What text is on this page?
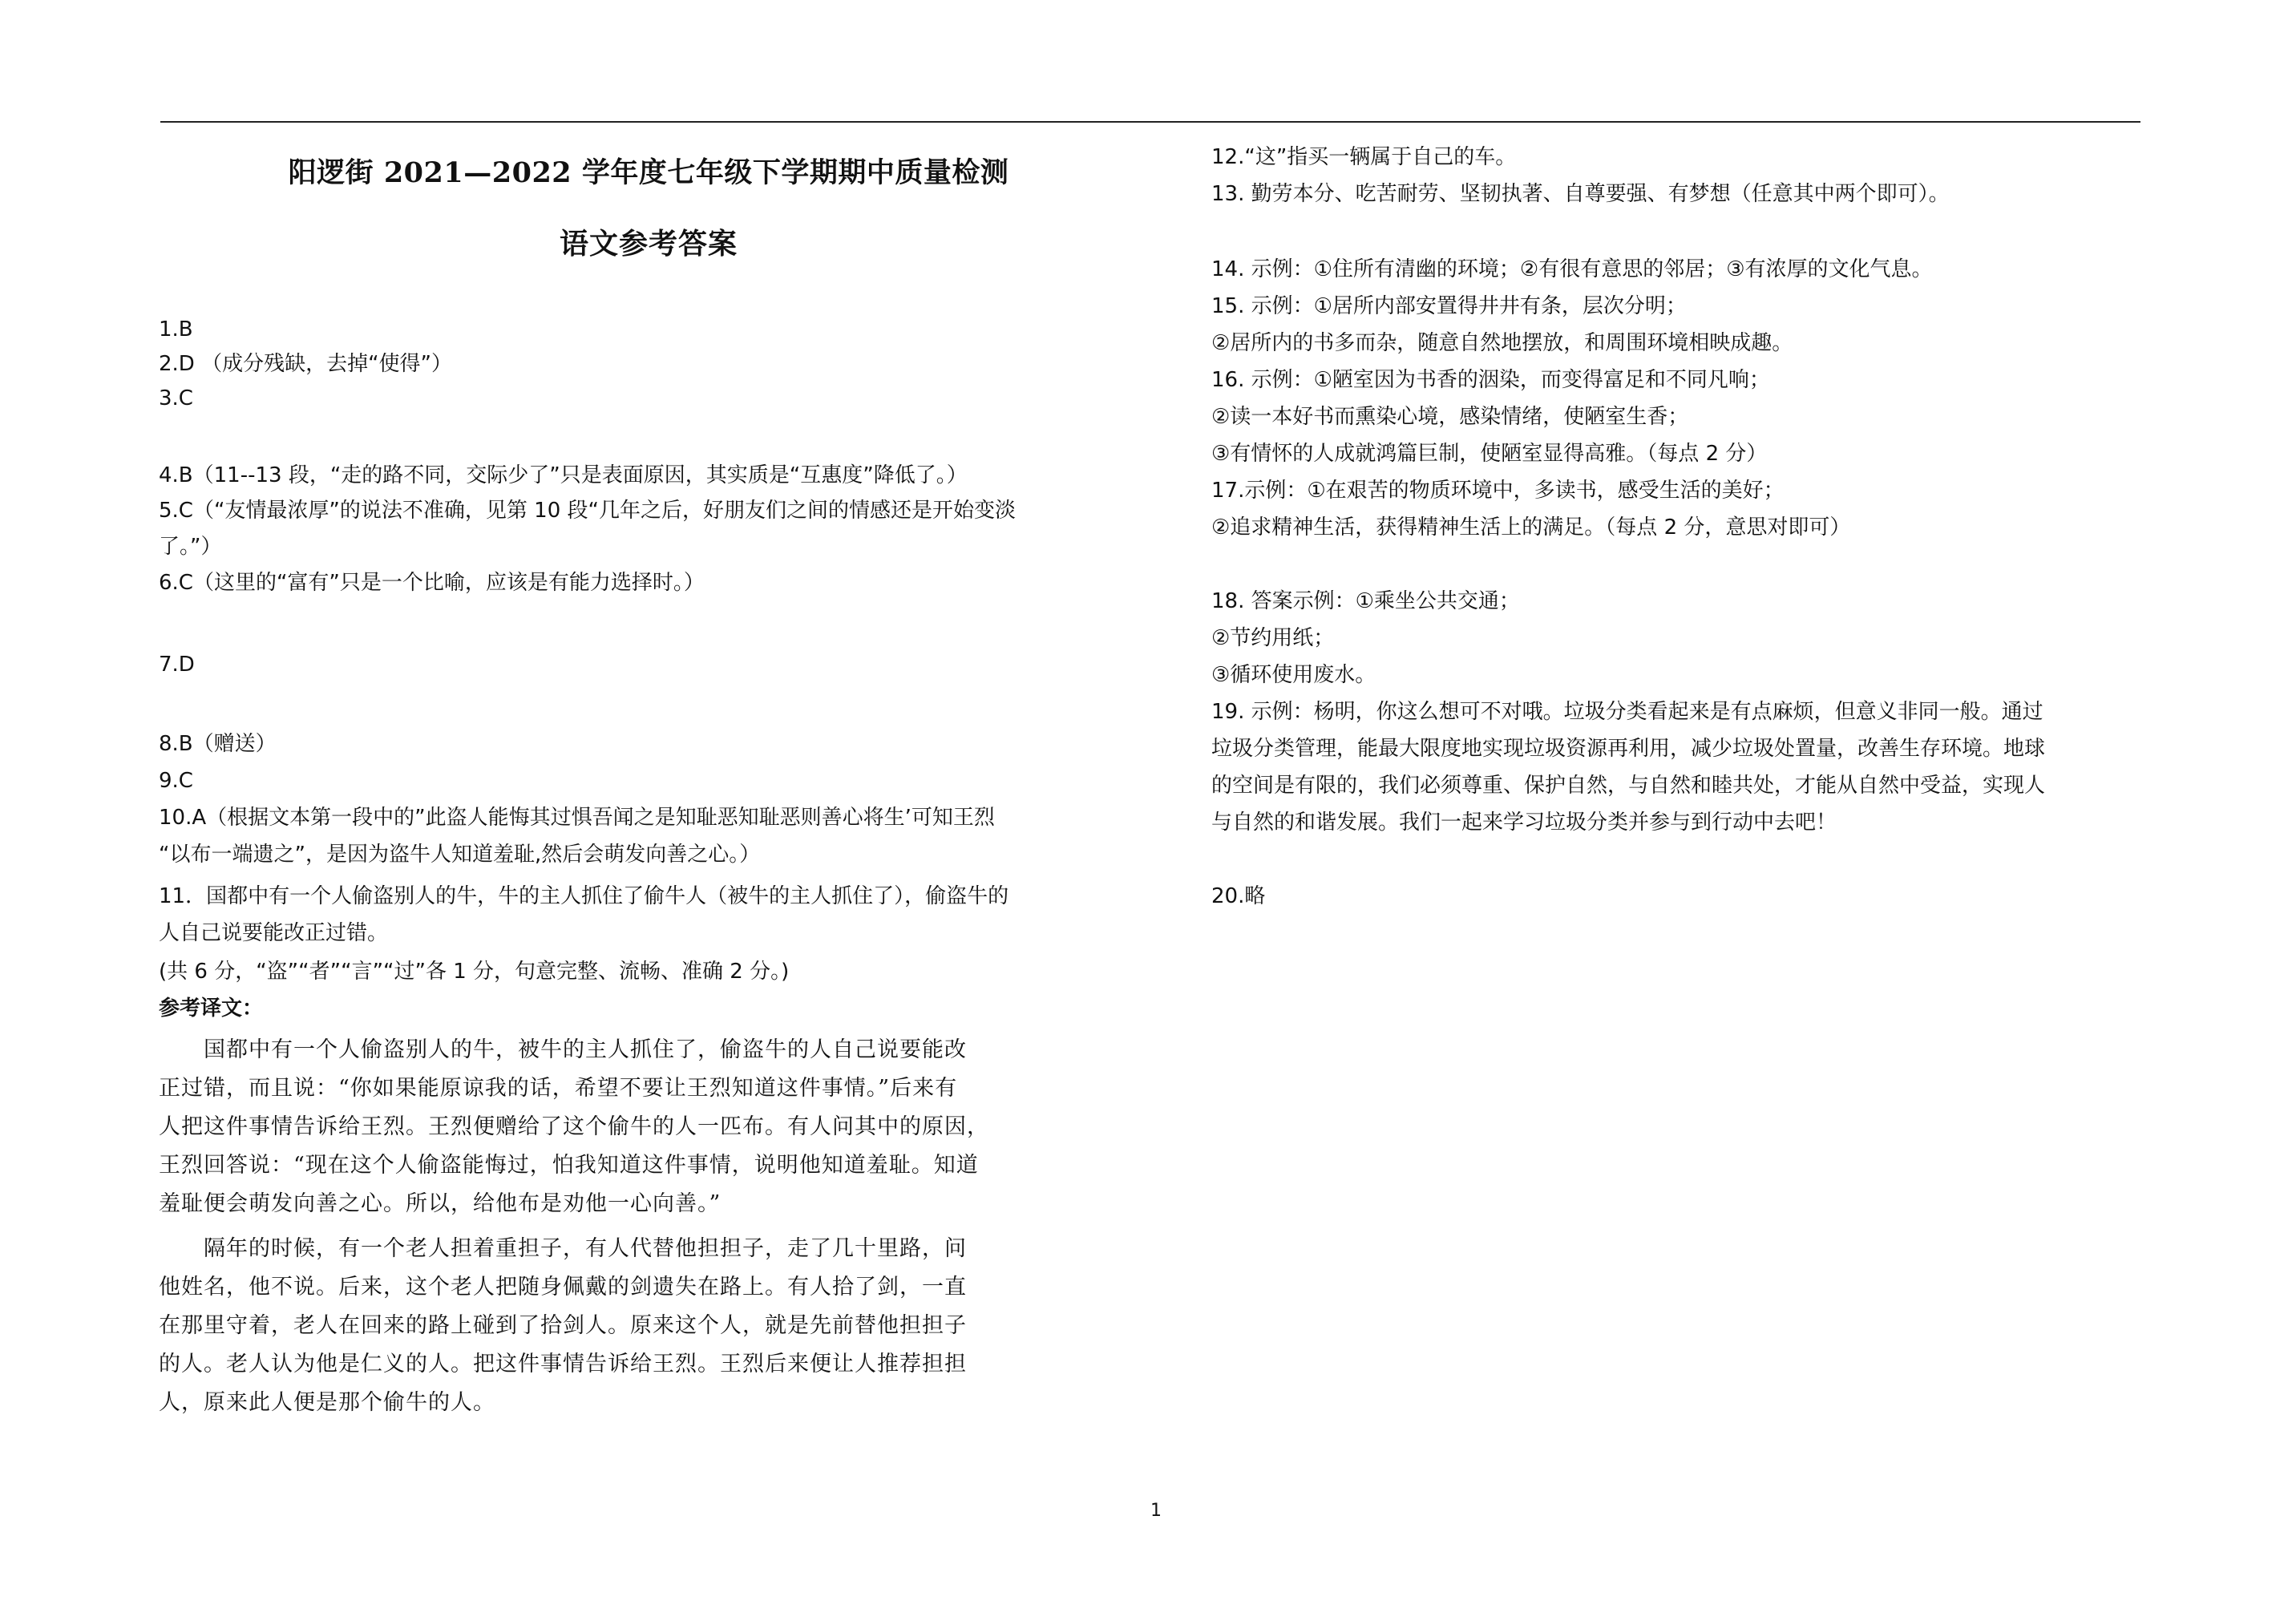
阳逻街 2021—2022 学年度七年级下学期期中质量检测
语文参考答案
1.B
2.D （成分残缺，去掉“使得”）
3.C
4.B（11--13 段，“走的路不同，交际少了”只是表面原因，其实质是“互惠度”降低了。）
5.C（“友情最浓厚”的说法不准确，见第 10 段“几年之后，好朋友们之间的情感还是开始变淡
了。”）
6.C（这里的“富有”只是一个比喻，应该是有能力选择时。）
7.D
8.B（赠送）
9.C
10.A（根据文本第一段中的”此盗人能悔其过惧吾闻之是知耻恶知耻恶则善心将生’可知王烈
“以布一端遗之”，是因为盗牛人知道羞耻,然后会萌发向善之心。）
11．国都中有一个人偷盗别人的牛，牛的主人抓住了偷牛人（被牛的主人抓住了），偷盗牛的
人自己说要能改正过错。
(共 6 分，“盗”“者”“言”“过”各 1 分，句意完整、流畅、准确 2 分。)
参考译文：
　　国都中有一个人偷盗别人的牛，被牛的主人抓住了，偷盗牛的人自己说要能改
正过错，而且说：“你如果能原谅我的话，希望不要让王烈知道这件事情。”后来有
人把这件事情告诉给王烈。王烈便赠给了这个偷牛的人一匹布。有人问其中的原因，
王烈回答说：“现在这个人偷盗能悔过，怕我知道这件事情，说明他知道羞耻。知道
羞耻便会萌发向善之心。所以，给他布是劝他一心向善。”
　　隔年的时候，有一个老人担着重担子，有人代替他担担子，走了几十里路，问
他姓名，他不说。后来，这个老人把随身佩戴的剑遗失在路上。有人拾了剑，一直
在那里守着，老人在回来的路上碰到了拾剑人。原来这个人，就是先前替他担担子
的人。老人认为他是仁义的人。把这件事情告诉给王烈。王烈后来便让人推荐担担
人，原来此人便是那个偷牛的人。
12.“这”指买一辆属于自己的车。
13. 勤劳本分、吃苦耐劳、坚韧执著、自尊要强、有梦想（任意其中两个即可）。
14. 示例：①住所有清幽的环境；②有很有意思的邻居；③有浓厚的文化气息。
15. 示例：①居所内部安置得井井有条，层次分明；
②居所内的书多而杂，随意自然地摆放，和周围环境相映成趣。
16. 示例：①陋室因为书香的洇染，而变得富足和不同凡响；
②读一本好书而熏染心境，感染情绪，使陋室生香；
③有情怀的人成就鸿篇巨制，使陋室显得高雅。（每点 2 分）
17.示例：①在艰苦的物质环境中，多读书，感受生活的美好；
②追求精神生活，获得精神生活上的满足。（每点 2 分，意思对即可）
18. 答案示例：①乘坐公共交通；
②节约用纸；
③循环使用废水。
19. 示例：杨明，你这么想可不对哦。垃圾分类看起来是有点麻烦，但意义非同一般。通过
垃圾分类管理，能最大限度地实现垃圾资源再利用，减少垃圾处置量，改善生存环境。地球
的空间是有限的，我们必须尊重、保护自然，与自然和睦共处，才能从自然中受益，实现人
与自然的和谐发展。我们一起来学习垃圾分类并参与到行动中去吧！
20.略
1
